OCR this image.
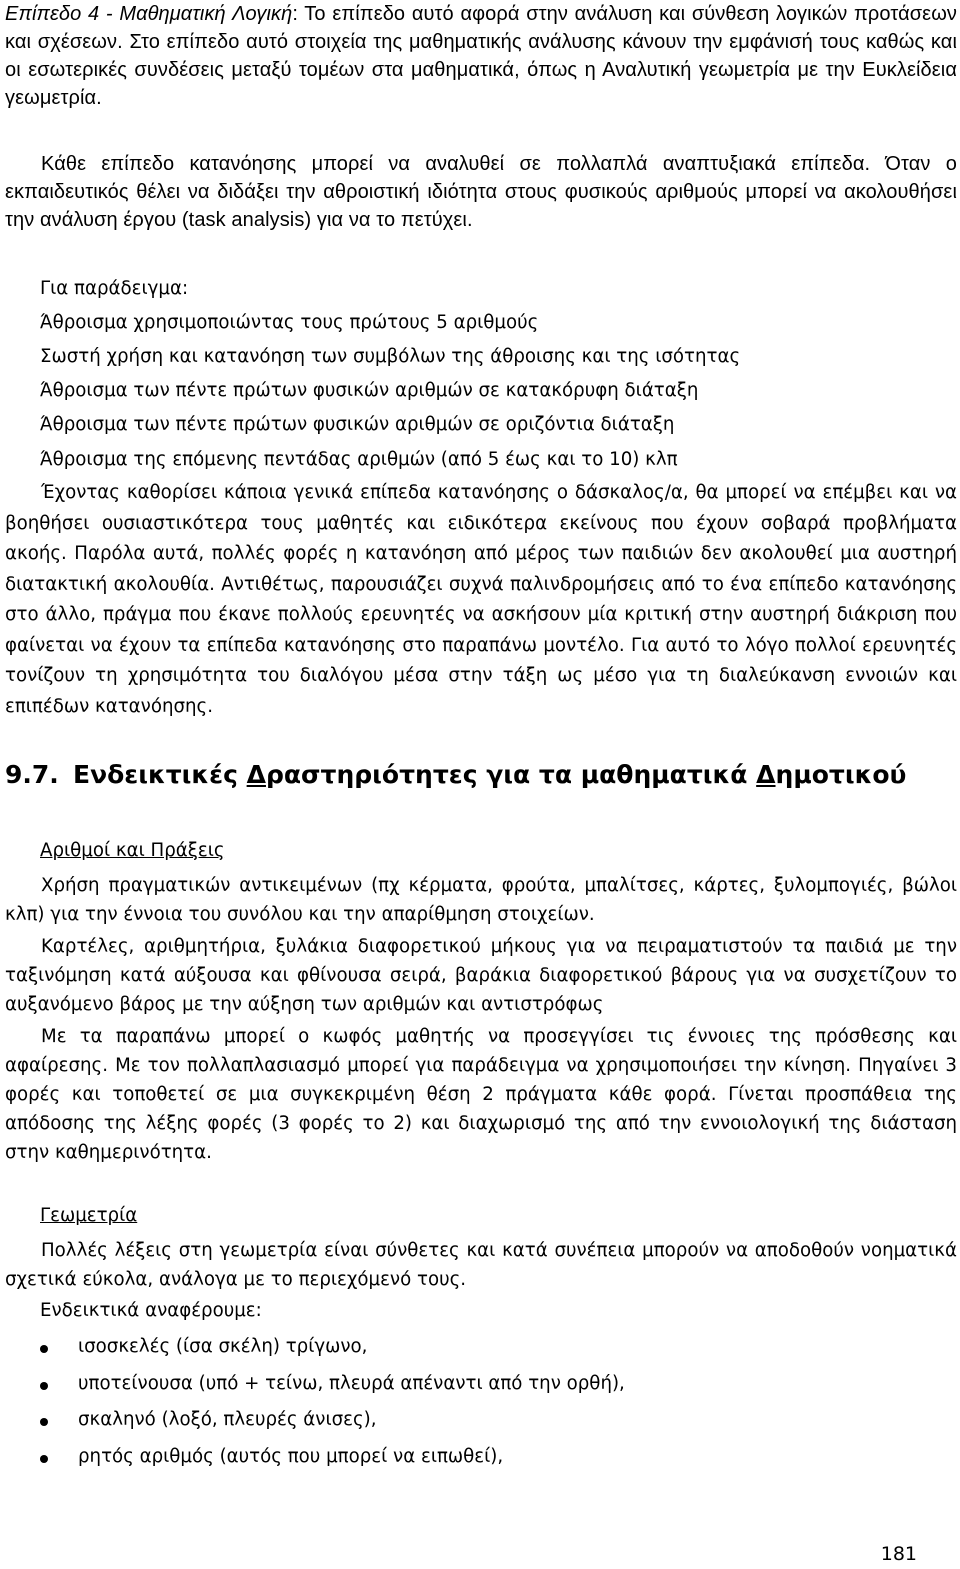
Επίπεδο 4 - Μαθηματική Λογική: Το επίπεδο αυτό αφορά στην ανάλυση και σύνθεση λογικών προτάσεων και σχέσεων. Στο επίπεδο αυτό στοιχεία της μαθηματικής ανάλυσης κάνουν την εμφάνισή τους καθώς και οι εσωτερικές συνδέσεις μεταξύ τομέων στα μαθηματικά, όπως η Αναλυτική γεωμετρία με την Ευκλείδεια γεωμετρία.
Κάθε επίπεδο κατανόησης μπορεί να αναλυθεί σε πολλαπλά αναπτυξιακά επίπεδα. Όταν ο εκπαιδευτικός θέλει να διδάξει την αθροιστική ιδιότητα στους φυσικούς αριθμούς μπορεί να ακολουθήσει την ανάλυση έργου (task analysis) για να το πετύχει.
Για παράδειγμα:
Άθροισμα χρησιμοποιώντας τους πρώτους 5 αριθμούς
Σωστή χρήση και κατανόηση των συμβόλων της άθροισης και της ισότητας
Άθροισμα των πέντε πρώτων φυσικών αριθμών σε κατακόρυφη διάταξη
Άθροισμα των πέντε πρώτων φυσικών αριθμών σε οριζόντια διάταξη
Άθροισμα της επόμενης πεντάδας αριθμών (από 5 έως και το 10) κλπ
Έχοντας καθορίσει κάποια γενικά επίπεδα κατανόησης ο δάσκαλος/α, θα μπορεί να επέμβει και να βοηθήσει ουσιαστικότερα τους μαθητές και ειδικότερα εκείνους που έχουν σοβαρά προβλήματα ακοής. Παρόλα αυτά, πολλές φορές η κατανόηση από μέρος των παιδιών δεν ακολουθεί μια αυστηρή διατακτική ακολουθία. Αντιθέτως, παρουσιάζει συχνά παλινδρομήσεις από το ένα επίπεδο κατανόησης στο άλλο, πράγμα που έκανε πολλούς ερευνητές να ασκήσουν μία κριτική στην αυστηρή διάκριση που φαίνεται να έχουν τα επίπεδα κατανόησης στο παραπάνω μοντέλο. Για αυτό το λόγο πολλοί ερευνητές τονίζουν τη χρησιμότητα του διαλόγου μέσα στην τάξη ως μέσο για τη διαλεύκανση εννοιών και επιπέδων κατανόησης.
9.7. Ενδεικτικές Δραστηριότητες για τα μαθηματικά Δημοτικού
Αριθμοί και Πράξεις
Χρήση πραγματικών αντικειμένων (πχ κέρματα, φρούτα, μπαλίτσες, κάρτες, ξυλομπογιές, βώλοι κλπ) για την έννοια του συνόλου και την απαρίθμηση στοιχείων.
Καρτέλες, αριθμητήρια, ξυλάκια διαφορετικού μήκους για να πειραματιστούν τα παιδιά με την ταξινόμηση κατά αύξουσα και φθίνουσα σειρά, βαράκια διαφορετικού βάρους για να συσχετίζουν το αυξανόμενο βάρος με την αύξηση των αριθμών και αντιστρόφως
Με τα παραπάνω μπορεί ο κωφός μαθητής να προσεγγίσει τις έννοιες της πρόσθεσης και αφαίρεσης. Με τον πολλαπλασιασμό μπορεί για παράδειγμα να χρησιμοποιήσει την κίνηση. Πηγαίνει 3 φορές και τοποθετεί σε μια συγκεκριμένη θέση 2 πράγματα κάθε φορά. Γίνεται προσπάθεια της απόδοσης της λέξης φορές (3 φορές το 2) και διαχωρισμό της από την εννοιολογική της διάσταση στην καθημερινότητα.
Γεωμετρία
Πολλές λέξεις στη γεωμετρία είναι σύνθετες και κατά συνέπεια μπορούν να αποδοθούν νοηματικά σχετικά εύκολα, ανάλογα με το περιεχόμενό τους.
Ενδεικτικά αναφέρουμε:
ισοσκελές (ίσα σκέλη) τρίγωνο,
υποτείνουσα (υπό + τείνω, πλευρά απέναντι από την ορθή),
σκαληνό (λοξό, πλευρές άνισες),
ρητός αριθμός (αυτός που μπορεί να ειπωθεί),
181
